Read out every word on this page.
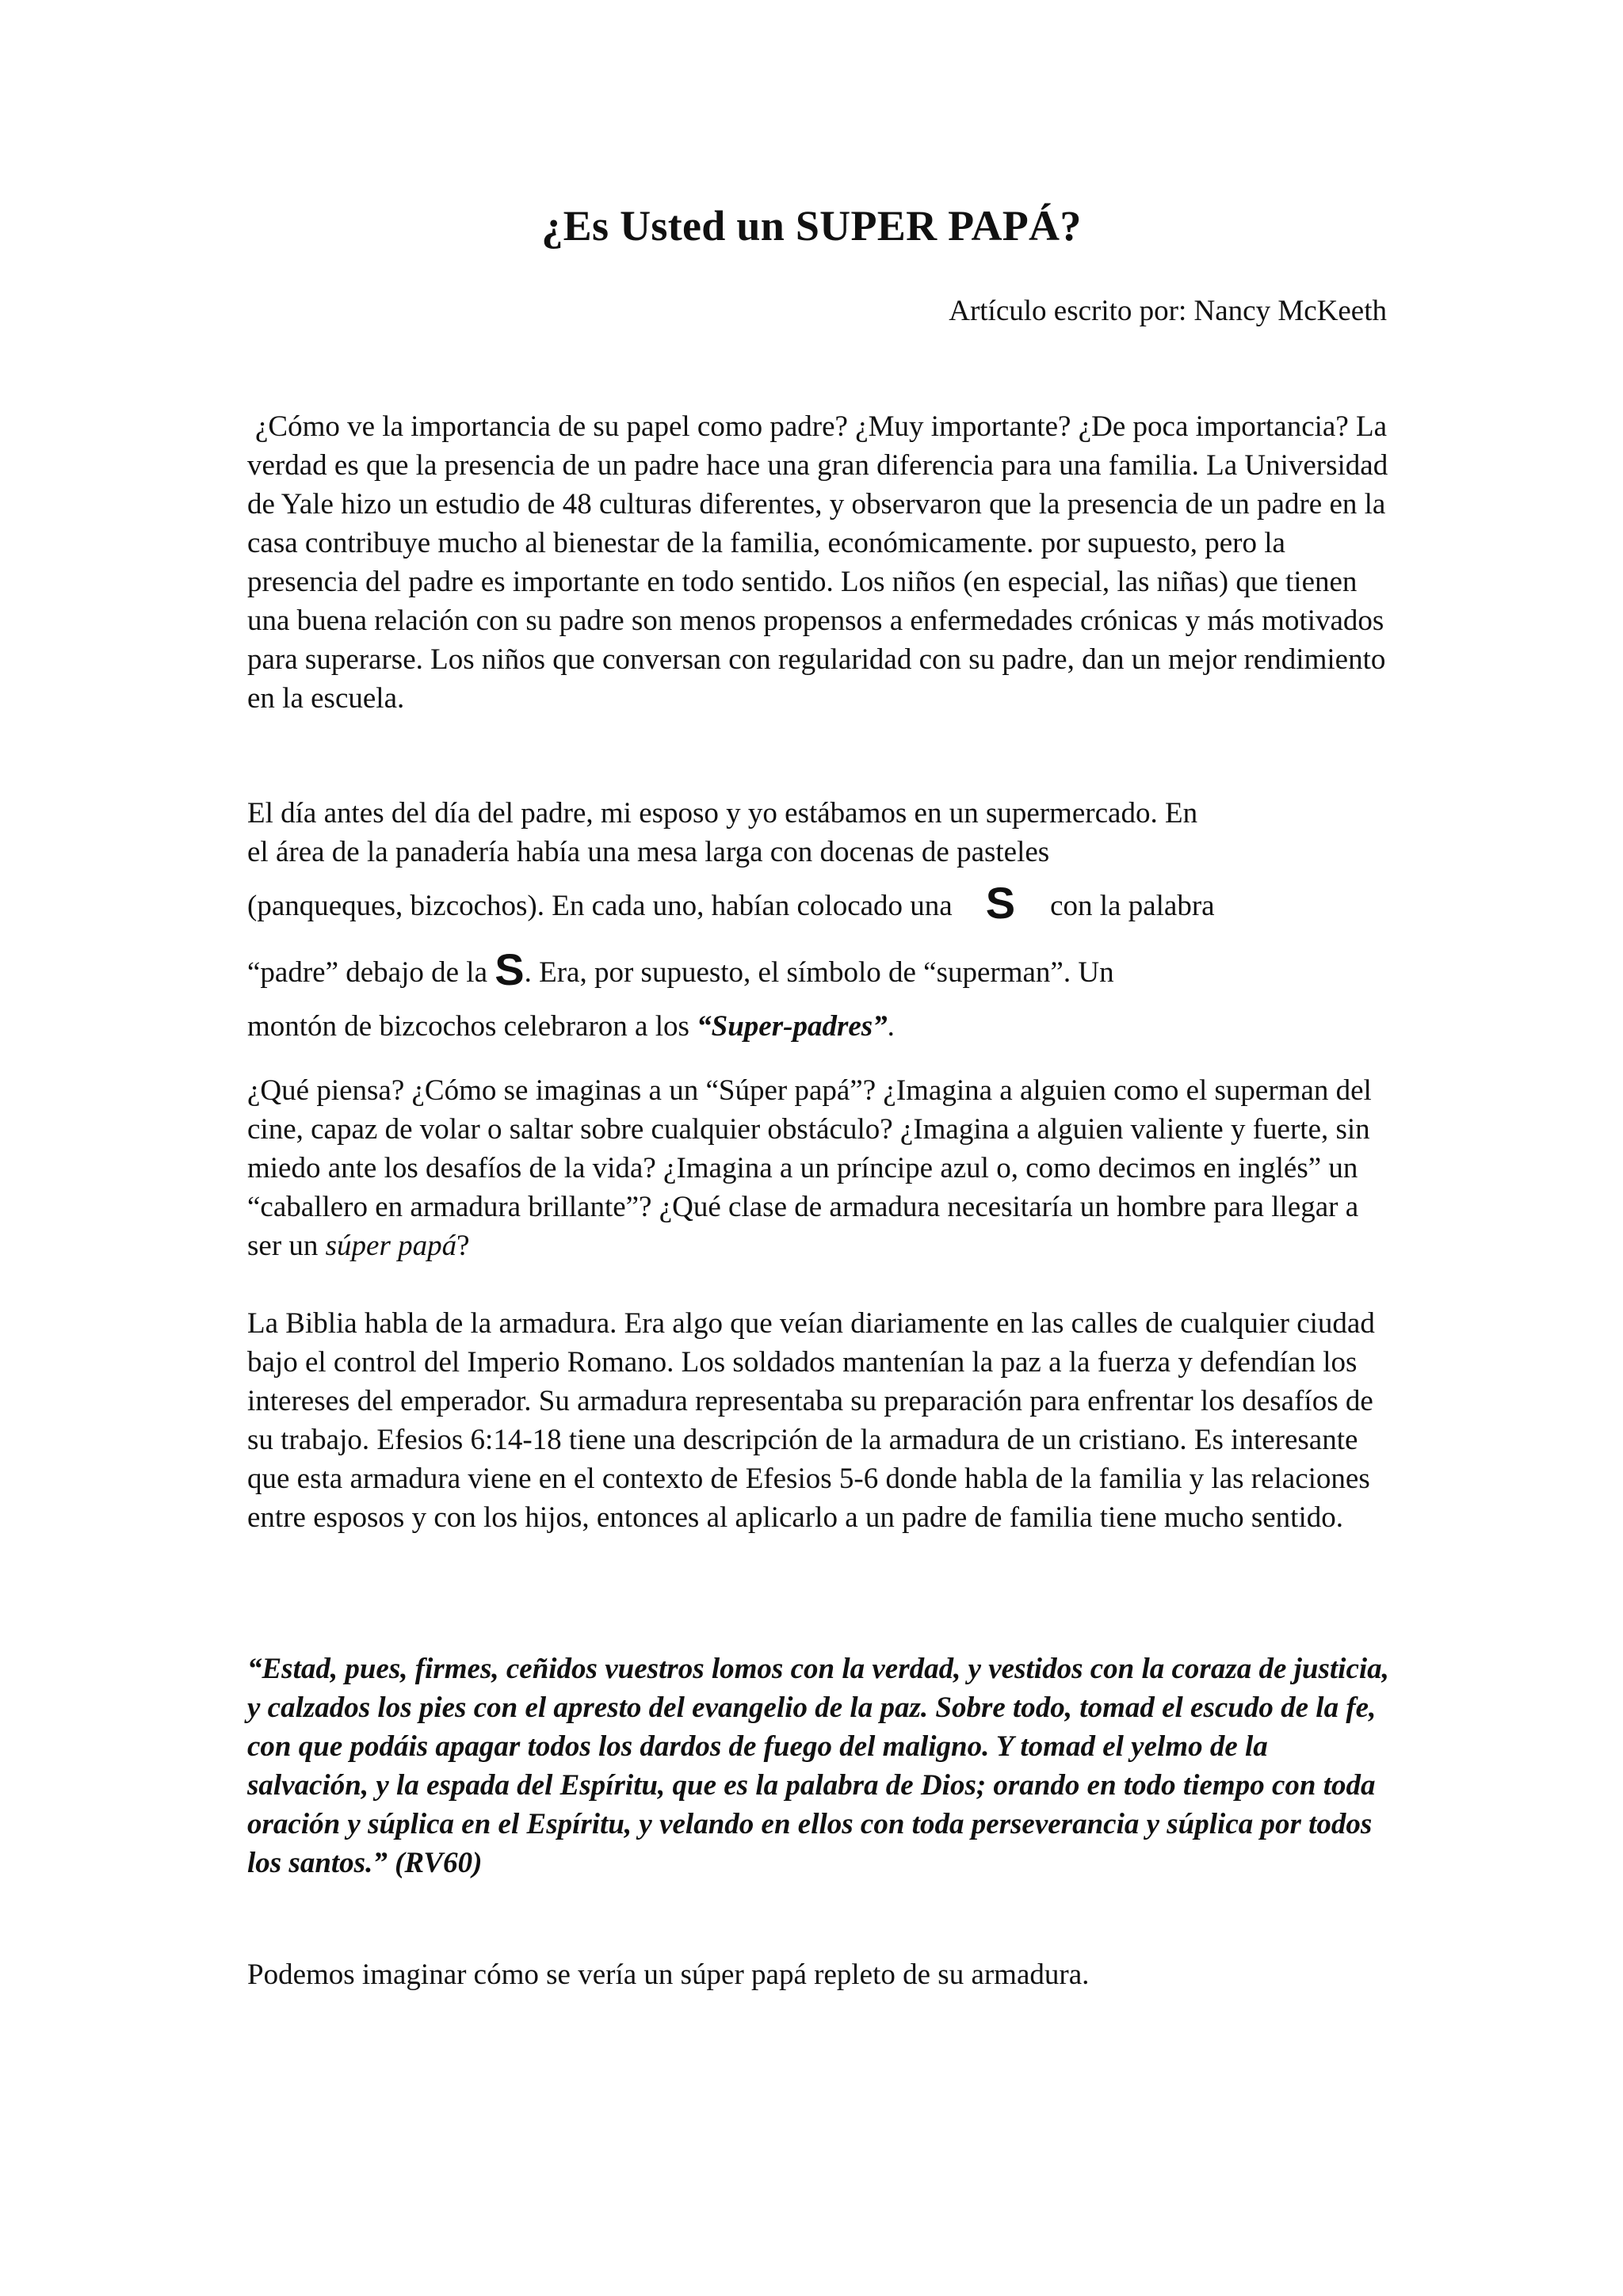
¿Es Usted un SUPER PAPÁ?
Artículo escrito por: Nancy McKeeth
¿Cómo ve la importancia de su papel como padre? ¿Muy importante? ¿De poca importancia? La verdad es que la presencia de un padre hace una gran diferencia para una familia. La Universidad de Yale hizo un estudio de 48 culturas diferentes, y observaron que la presencia de un padre en la casa contribuye mucho al bienestar de la familia, económicamente. por supuesto, pero la presencia del padre es importante en todo sentido. Los niños (en especial, las niñas) que tienen una buena relación con su padre son menos propensos a enfermedades crónicas y más motivados para superarse. Los niños que conversan con regularidad con su padre, dan un mejor rendimiento en la escuela.
El día antes del día del padre, mi esposo y yo estábamos en un supermercado. En
el área de la panadería había una mesa larga con docenas de pasteles
(panqueques, bizcochos). En cada uno, habían colocado una S con la palabra
“padre” debajo de la S. Era, por supuesto, el símbolo de “superman”. Un
montón de bizcochos celebraron a los “Super-padres”.
¿Qué piensa? ¿Cómo se imaginas a un “Súper papá”? ¿Imagina a alguien como el superman del cine, capaz de volar o saltar sobre cualquier obstáculo? ¿Imagina a alguien valiente y fuerte, sin miedo ante los desafíos de la vida? ¿Imagina a un príncipe azul o, como decimos en inglés” un “caballero en armadura brillante”? ¿Qué clase de armadura necesitaría un hombre para llegar a ser un súper papá?
La Biblia habla de la armadura. Era algo que veían diariamente en las calles de cualquier ciudad bajo el control del Imperio Romano. Los soldados mantenían la paz a la fuerza y defendían los intereses del emperador. Su armadura representaba su preparación para enfrentar los desafíos de su trabajo. Efesios 6:14-18 tiene una descripción de la armadura de un cristiano. Es interesante que esta armadura viene en el contexto de Efesios 5-6 donde habla de la familia y las relaciones entre esposos y con los hijos, entonces al aplicarlo a un padre de familia tiene mucho sentido.
“Estad, pues, firmes, ceñidos vuestros lomos con la verdad, y vestidos con la coraza de justicia, y calzados los pies con el apresto del evangelio de la paz. Sobre todo, tomad el escudo de la fe, con que podáis apagar todos los dardos de fuego del maligno. Y tomad el yelmo de la salvación, y la espada del Espíritu, que es la palabra de Dios; orando en todo tiempo con toda oración y súplica en el Espíritu, y velando en ellos con toda perseverancia y súplica por todos los santos.” (RV60)
Podemos imaginar cómo se vería un súper papá repleto de su armadura.
